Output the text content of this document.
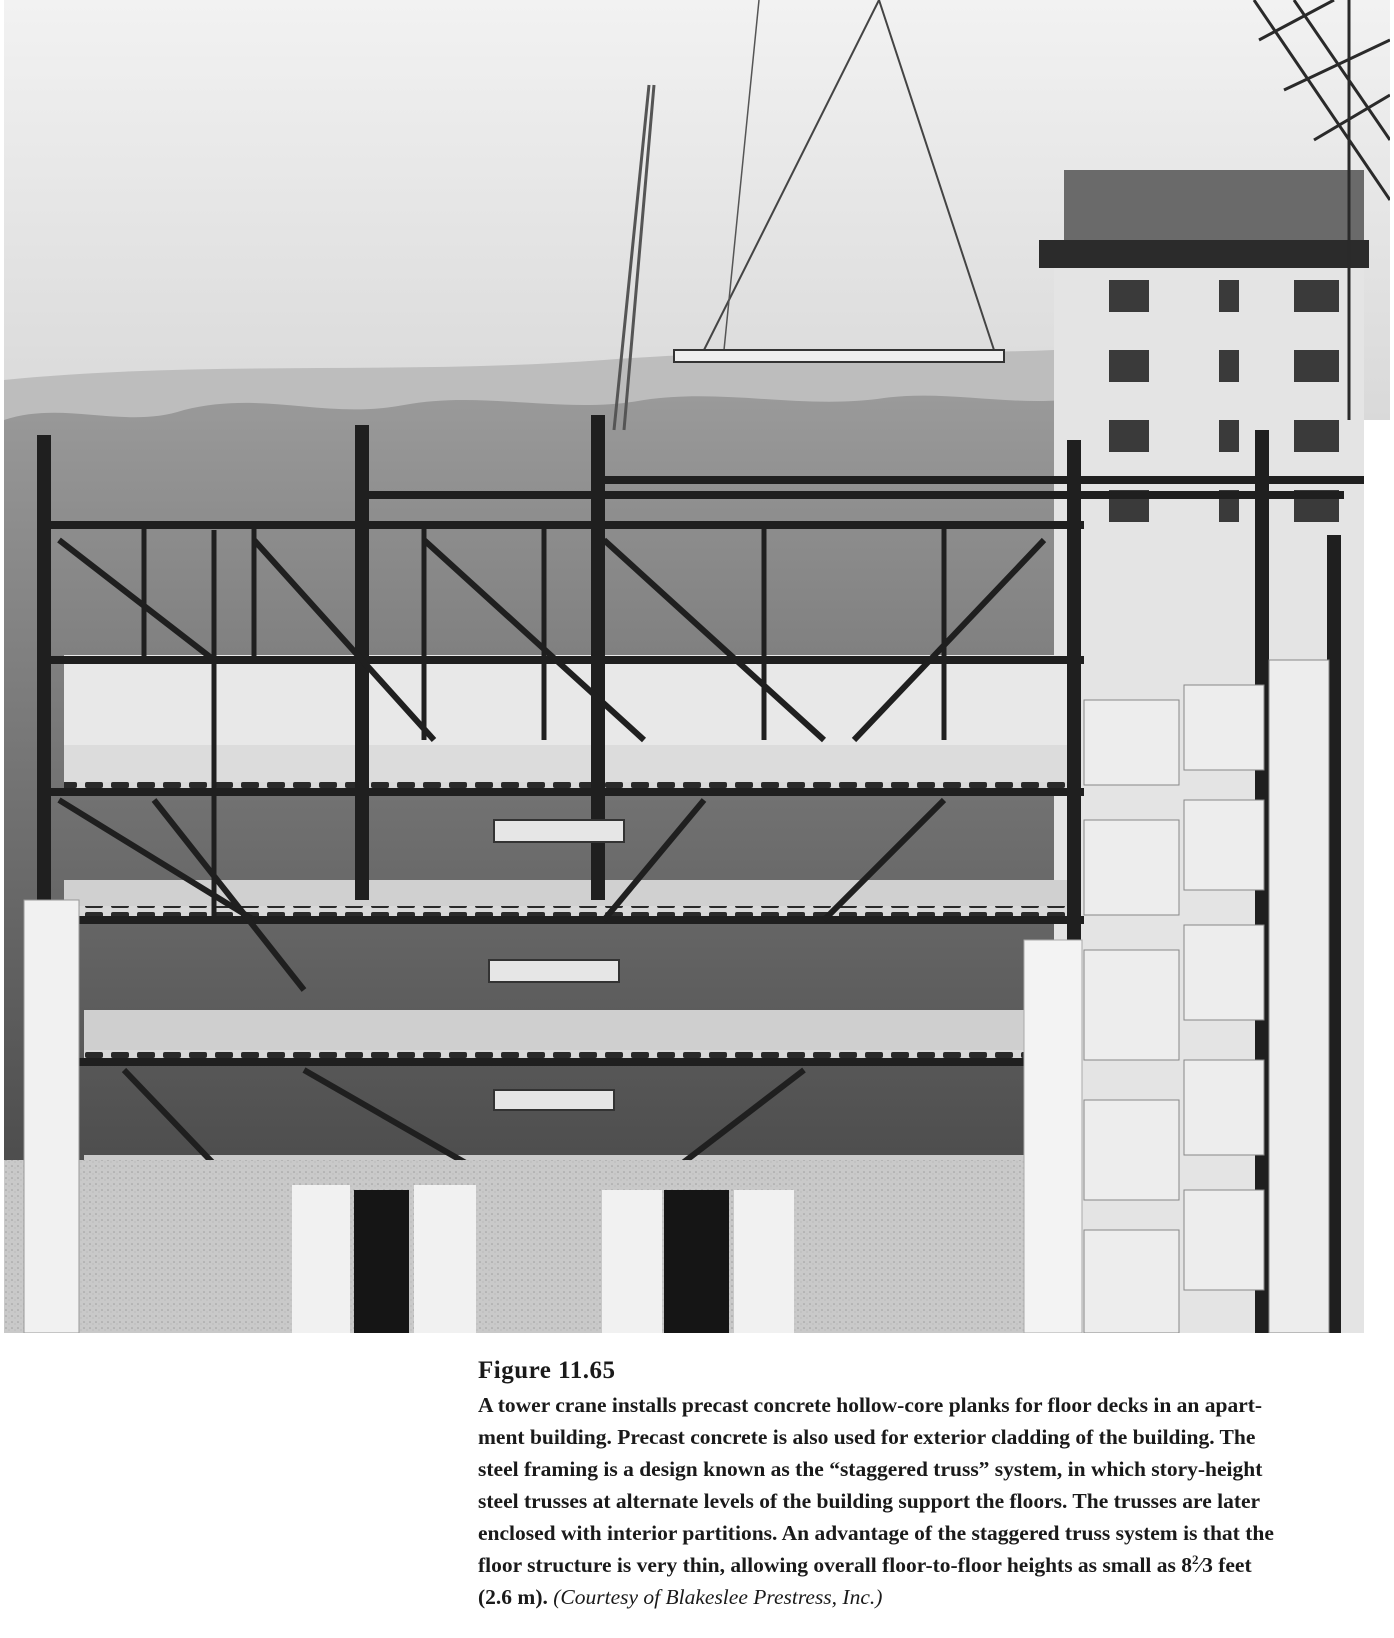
Figure 11.65
A tower crane installs precast concrete hollow-core planks for floor decks in an apart-
ment building. Precast concrete is also used for exterior cladding of the building. The
steel framing is a design known as the “staggered truss” system, in which story-height
steel trusses at alternate levels of the building support the floors. The trusses are later
enclosed with interior partitions. An advantage of the staggered truss system is that the
floor structure is very thin, allowing overall floor-to-floor heights as small as $8^2⁄3$ feet
(2.6 m). (Courtesy of Blakeslee Prestress, Inc.)
